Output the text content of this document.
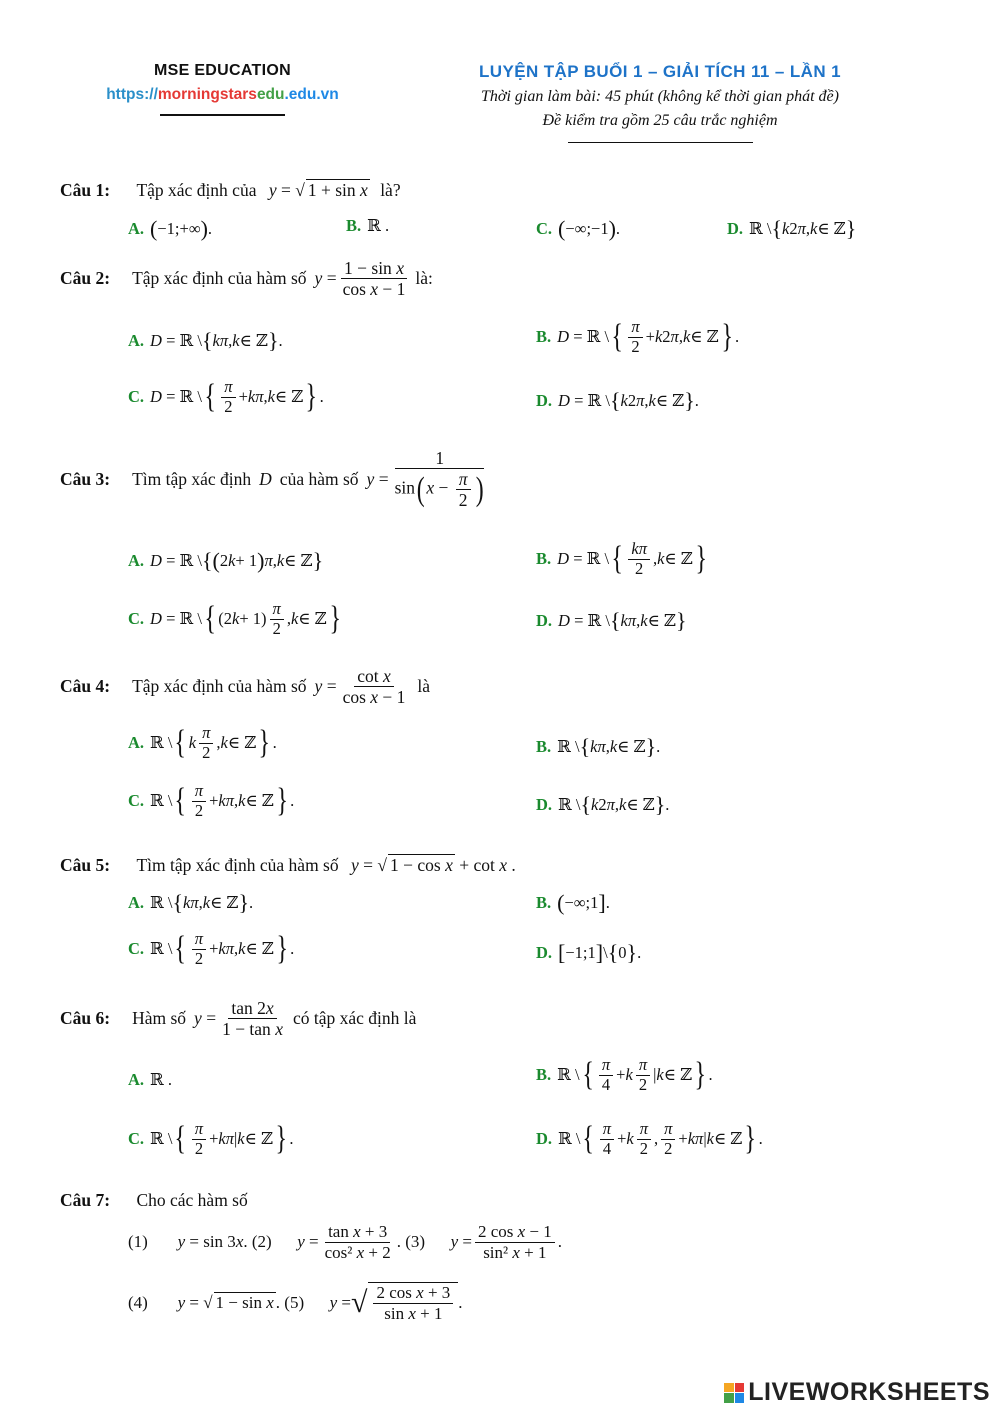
MSE EDUCATION
https://morningstarsedu.edu.vn
LUYỆN TẬP BUỔI 1 – GIẢI TÍCH 11 – LẦN 1
Thời gian làm bài: 45 phút (không kể thời gian phát đề)
Đề kiểm tra gồm 25 câu trắc nghiệm
Câu 1: Tập xác định của y = √ 1 + sin x là?
A. ( −1;+∞ ) .	B. ℝ .	C. ( −∞;−1 ) .	D. ℝ \ { k 2 π , k ∈ ℤ }
Câu 2: Tập xác định của hàm số $y = \frac{\text{1 − sin x}}{\text{cos x − 1}}$ là:
A. D = ℝ \ { kπ , k ∈ ℤ } .	B. D = ℝ \ { $\frac{\pi}{2} + k$ 2 π , k ∈ ℤ } .
C. D = ℝ \ { $\frac{\pi}{2} + k\pi$ , k ∈ ℤ } .	D. D = ℝ \ { k 2 π , k ∈ ℤ } .
Câu 3: Tìm tập xác định D của hàm số $y = \frac{1}{\sin(x - \frac{\pi}{2} )}$
A. D = ℝ \ {( 2 k + 1 ) π , k ∈ ℤ }	B. D = ℝ \ { $\frac{k\pi}{2}$ , k ∈ ℤ }
C. D = ℝ \ { (2 $k + 1) \frac{\pi}{2}$ , k ∈ ℤ }	D. D = ℝ \ { kπ , k ∈ ℤ }
Câu 4: Tập xác định của hàm số $y = \frac{\text{cot x}}{\text{cos x − 1}}$ là
A. ℝ \ { k $\frac{\pi}{2}$ , k ∈ ℤ } .	B. ℝ \ { kπ , k ∈ ℤ } .
C. ℝ \ { $\frac{\pi}{2} + k\pi$ , k ∈ ℤ } .	D. ℝ \ { k 2 π , k ∈ ℤ } .
Câu 5: Tìm tập xác định của hàm số y = √ 1 − cos x + cot x .
A. ℝ \ { kπ , k ∈ ℤ } .	B. ( −∞;1 ] .
C. ℝ \ { $\frac{\pi}{2} + k\pi$ , k ∈ ℤ } .	D. [ −1;1 ] \ { 0 } .
Câu 6: Hàm số $y = \frac{\tan 2x}{\text{1 − tan x}}$ có tập xác định là
A. ℝ .	B. ℝ \ { $\frac{\pi}{4} + k \frac{\pi}{2}$ | k ∈ ℤ } .
C. ℝ \ { $\frac{\pi}{2} + k\pi$ | k ∈ ℤ } .	D. ℝ \ { $\frac{\pi}{4} + k \frac{\pi}{2}$ , $\frac{\pi}{2} + k\pi$ | k ∈ ℤ } .
Câu 7: Cho các hàm số
(1) y = sin 3 x . (2) $y = \frac{\text{tan x + 3}}{\text{cos² x + 2}}$ . (3) $y = \frac{\text{2 cos x − 1}}{\text{sin² x + 1}}$ .
(4) y = √ 1 − sin x . (5) y = √ $\frac{\text{2 cos x + 3}}{\text{sin x + 1}}$ .
LIVEWORKSHEETS
